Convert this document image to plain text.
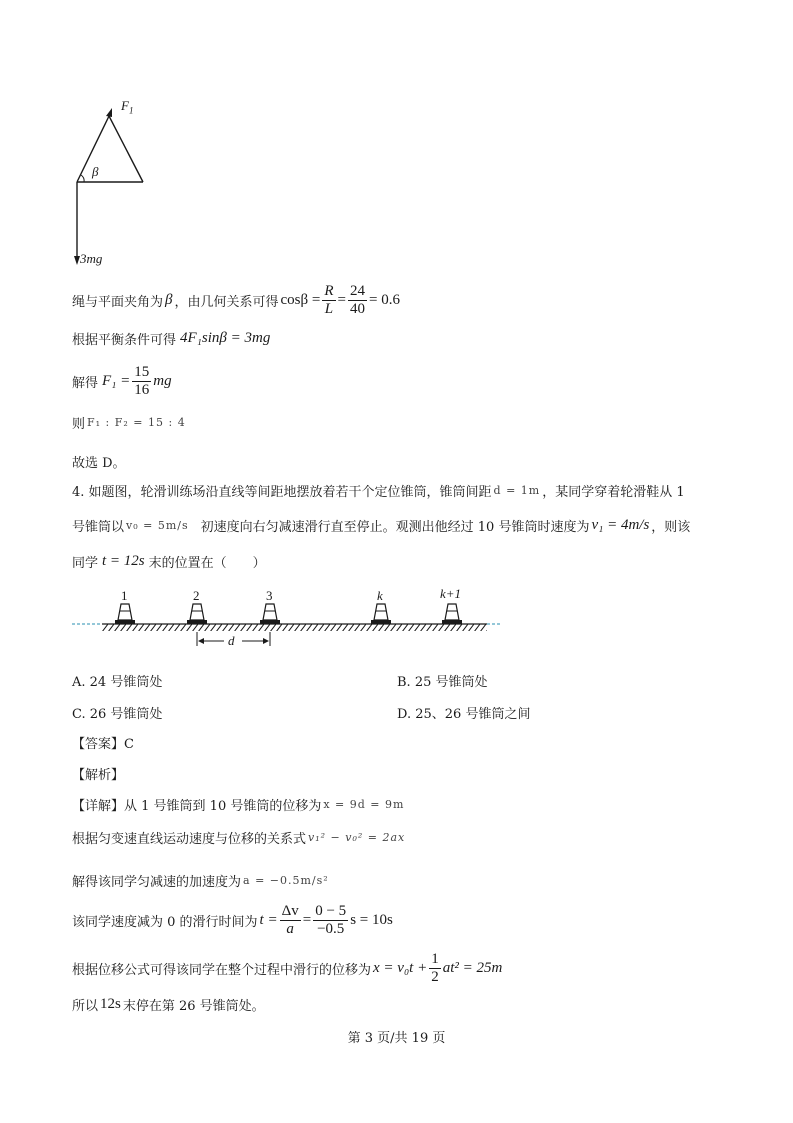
$F_1$
β
3mg
绳与平面夹角为 β ，由几何关系可得 $\cos\beta = \frac{R}{L} = \frac{24}{40} = 0.6$
根据平衡条件可得 4F₁sinβ = 3mg
解得 $F_1 = \frac{15}{16}$ mg
则 F₁ : F₂ = 15 : 4
故选 D。
4. 如题图，轮滑训练场沿直线等间距地摆放着若干个定位锥筒，锥筒间距 d = 1m ，某同学穿着轮滑鞋从 1
号锥筒以 v₀ = 5m/s 初速度向右匀减速滑行直至停止。观测出他经过 10 号锥筒时速度为 v₁ = 4m/s ，则该
同学 t = 12s 末的位置在（　　）
1	2	3	k	k+1
d
A. 24 号锥筒处	B. 25 号锥筒处
C. 26 号锥筒处	D. 25、26 号锥筒之间
【答案】C
【解析】
【详解】从 1 号锥筒到 10 号锥筒的位移为 x = 9d = 9m
根据匀变速直线运动速度与位移的关系式 v₁² − v₀² = 2ax
解得该同学匀减速的加速度为 a = −0.5m/s²
该同学速度减为 0 的滑行时间为 $t = \frac{\Delta v}{a} = \frac{0 - 5}{-0.5}$ s = 10s
根据位移公式可得该同学在整个过程中滑行的位移为 $x = v_0t + \frac{1}{2} at^2 = 25m$
所以 12s 末停在第 26 号锥筒处。
第 3 页/共 19 页
